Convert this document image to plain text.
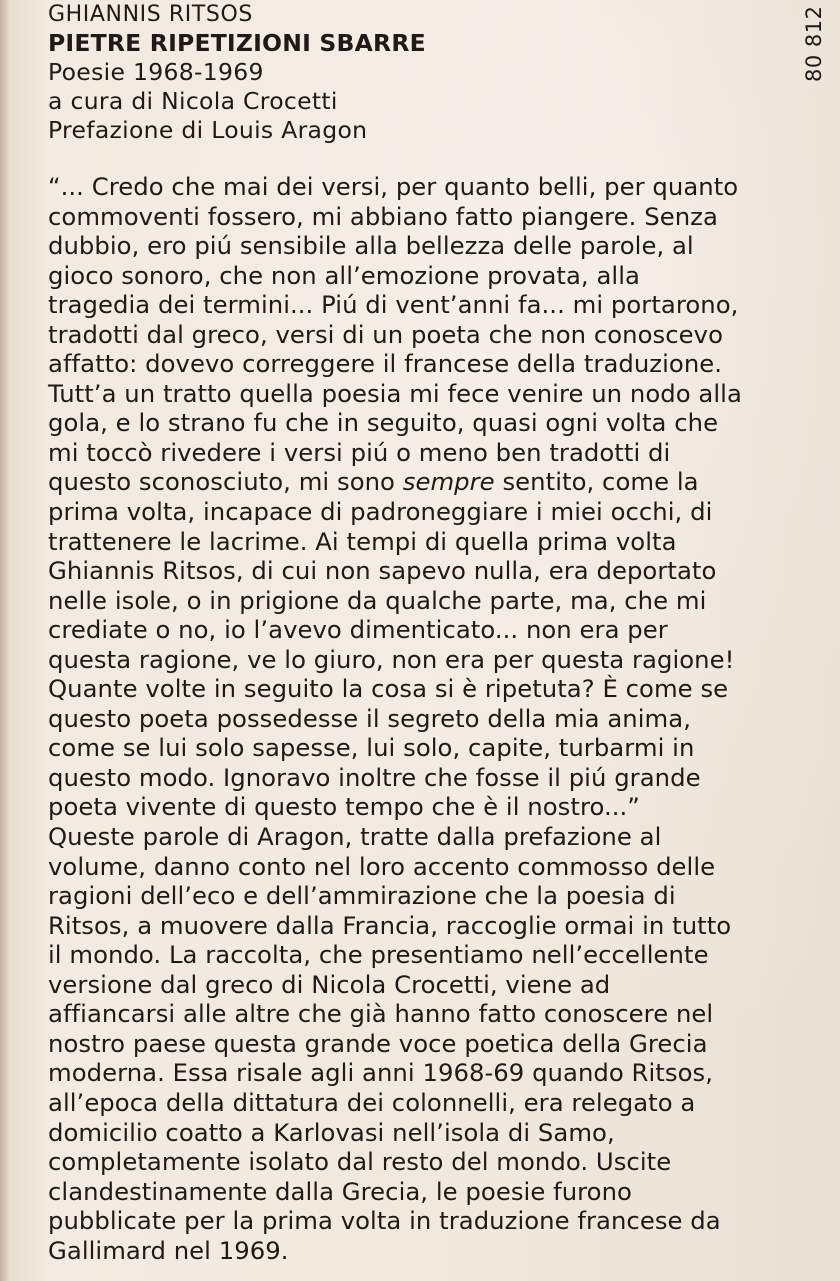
GHIANNIS RITSOS
PIETRE RIPETIZIONI SBARRE
Poesie 1968-1969
a cura di Nicola Crocetti
Prefazione di Louis Aragon
80 812
“... Credo che mai dei versi, per quanto belli, per quanto
commoventi fossero, mi abbiano fatto piangere. Senza
dubbio, ero piú sensibile alla bellezza delle parole, al
gioco sonoro, che non all’emozione provata, alla
tragedia dei termini... Piú di vent’anni fa... mi portarono,
tradotti dal greco, versi di un poeta che non conoscevo
affatto: dovevo correggere il francese della traduzione.
Tutt’a un tratto quella poesia mi fece venire un nodo alla
gola, e lo strano fu che in seguito, quasi ogni volta che
mi toccò rivedere i versi piú o meno ben tradotti di
questo sconosciuto, mi sono sempre sentito, come la
prima volta, incapace di padroneggiare i miei occhi, di
trattenere le lacrime. Ai tempi di quella prima volta
Ghiannis Ritsos, di cui non sapevo nulla, era deportato
nelle isole, o in prigione da qualche parte, ma, che mi
crediate o no, io l’avevo dimenticato... non era per
questa ragione, ve lo giuro, non era per questa ragione!
Quante volte in seguito la cosa si è ripetuta? È come se
questo poeta possedesse il segreto della mia anima,
come se lui solo sapesse, lui solo, capite, turbarmi in
questo modo. Ignoravo inoltre che fosse il piú grande
poeta vivente di questo tempo che è il nostro...”
Queste parole di Aragon, tratte dalla prefazione al
volume, danno conto nel loro accento commosso delle
ragioni dell’eco e dell’ammirazione che la poesia di
Ritsos, a muovere dalla Francia, raccoglie ormai in tutto
il mondo. La raccolta, che presentiamo nell’eccellente
versione dal greco di Nicola Crocetti, viene ad
affiancarsi alle altre che già hanno fatto conoscere nel
nostro paese questa grande voce poetica della Grecia
moderna. Essa risale agli anni 1968-69 quando Ritsos,
all’epoca della dittatura dei colonnelli, era relegato a
domicilio coatto a Karlovasi nell’isola di Samo,
completamente isolato dal resto del mondo. Uscite
clandestinamente dalla Grecia, le poesie furono
pubblicate per la prima volta in traduzione francese da
Gallimard nel 1969.
